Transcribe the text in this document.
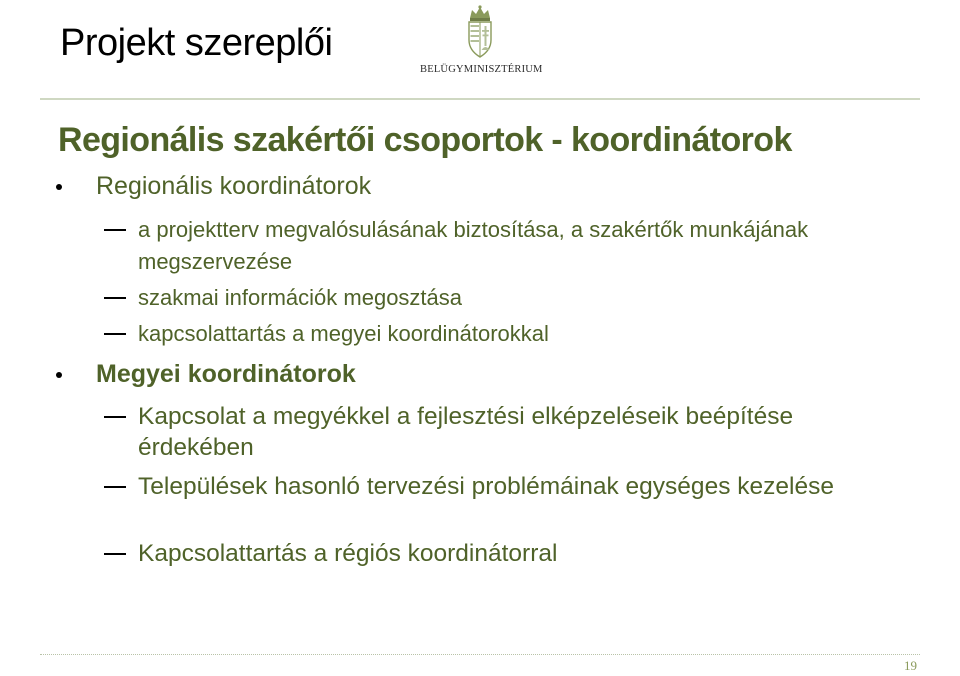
Projekt szereplői
BELÜGYMINISZTÉRIUM
Regionális szakértői csoportok - koordinátorok
Regionális koordinátorok
a projektterv megvalósulásának biztosítása, a szakértők munkájának megszervezése
szakmai információk megosztása
kapcsolattartás a megyei koordinátorokkal
Megyei koordinátorok
Kapcsolat a megyékkel a fejlesztési elképzeléseik beépítése érdekében
Települések hasonló tervezési problémáinak egységes kezelése
Kapcsolattartás a régiós koordinátorral
19
